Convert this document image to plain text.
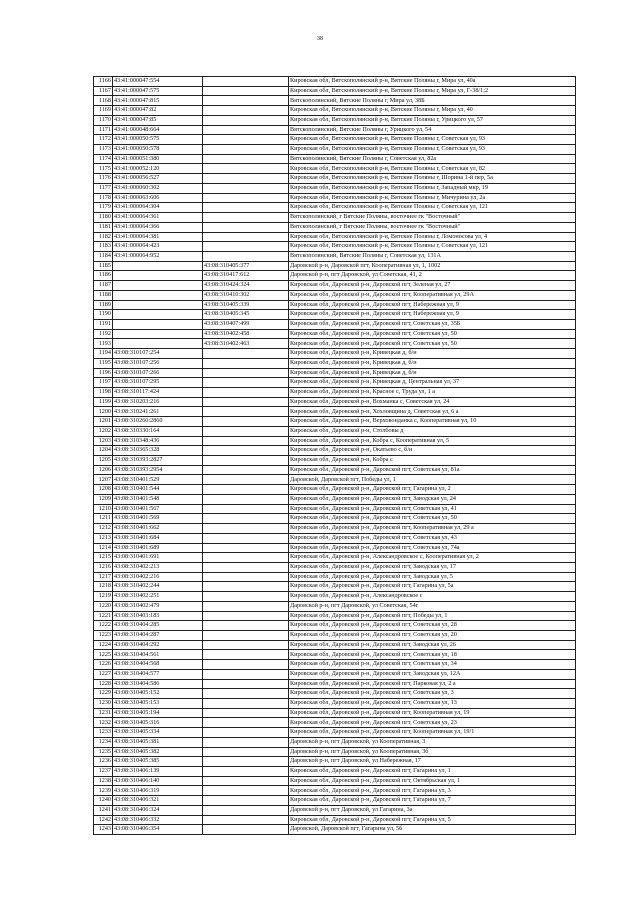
38
1166	43:41:000047:554		Кировская обл, Вятскополянский р-н, Вятские Поляны г, Мира ул, 40а
1167	43:41:000047:575		Кировская обл, Вятскополянский р-н, Вятские Поляны г, Мира ул, Г-38/1;2
1168	43:41:000047:815		Вятскополянский, Вятские Поляны г, Мира ул, 38Б
1169	43:41:000047:82		Кировская обл, Вятскополянский р-н, Вятские Поляны г, Мира ул, 40
1170	43:41:000047:85		Кировская обл, Вятскополянский р-н, Вятские Поляны г, Урицкого ул, 57
1171	43:41:000048:664		Вятскополянский, Вятские Поляны г, Урицкого ул, 54
1172	43:41:000050:575		Кировская обл, Вятскополянский р-н, Вятские Поляны г, Советская ул, 93
1173	43:41:000050:578		Кировская обл, Вятскополянский р-н, Вятские Поляны г, Советская ул, 93
1174	43:41:000051:380		Вятскополянский, Вятские Поляны г, Советская ул, 82а
1175	43:41:000052:120		Кировская обл, Вятскополянский р-н, Вятские Поляны г, Советская ул, 82
1176	43:41:000056:527		Кировская обл, Вятскополянский р-н, Вятские Поляны г, Шорина 1-й пер, 5а
1177	43:41:000060:302		Кировская обл, Вятскополянский р-н, Вятские Поляны г, Западный мкр, 19
1178	43:41:000063:606		Кировская обл, Вятскополянский р-н, Вятские Поляны г, Мичурина ул, 2а
1179	43:41:000064:304		Кировская обл, Вятскополянский р-н, Вятские Поляны г, Советская ул, 121
1180	43:41:000064:361		Вятскополянский, г Вятские Поляны, восточнее гк "Восточный"
1181	43:41:000064:366		Вятскополянский, г Вятские Поляны, восточнее гк "Восточный"
1182	43:41:000064:381		Кировская обл, Вятскополянский р-н, Вятские Поляны г, Ломоносова ул, 4
1183	43:41:000064:423		Кировская обл, Вятскополянский р-н, Вятские Поляны г, Советская ул, 121
1184	43:41:000064:952		Вятскополянский, Вятские Поляны г, Советская ул, 131А
1185		43:08:310405:377	Даровской р-н, Даровской пгт, Кооперативная ул, 1, 1002
1186		43:08:310417:612	Даровской р-н, пгт Даровской, ул Советская, 41, 2
1187		43:08:310424:324	Кировская обл, Даровской р-н, Даровской пгт, Зеленая ул, 27
1188		43:08:310410:302	Кировская обл, Даровской р-н, Даровской пгт, Кооперативная ул, 29А
1189		43:08:310405:339	Кировская обл, Даровской р-н, Даровской пгт, Набережная ул, 9
1190		43:08:310405:345	Кировская обл, Даровской р-н, Даровской пгт, Набережная ул, 9
1191		43:08:310407:499	Кировская обл, Даровской р-н, Даровской пгт, Советская ул, 35Б
1192		43:08:310402:458	Кировская обл, Даровской р-н, Даровской пгт, Советская ул, 50
1193		43:08:310402:463	Кировская обл, Даровской р-н, Даровской пгт, Советская ул, 50
1194	43:08:310107:254		Кировская обл, Даровской р-н, Кривецкая д, б/н
1195	43:08:310107:256		Кировская обл, Даровской р-н, Кривецкая д, б/н
1196	43:08:310107:266		Кировская обл, Даровской р-н, Кривецкая д, б/н
1197	43:08:310107:295		Кировская обл, Даровской р-н, Кривецкая д, Центральная ул, 37
1198	43:08:310117:424		Кировская обл, Даровской р-н, Красное с, Труда ул, 1 а
1199	43:08:310203:216		Кировская обл, Даровской р-н, Вохманка с, Советская ул, 24
1200	43:08:310241:261		Кировская обл, Даровской р-н, Хохловщина д, Советская ул, 6 а
1201	43:08:310260:2860		Кировская обл, Даровской р-н, Верховонданка с, Кооперативная ул, 10
1202	43:08:310330:164		Кировская обл, Даровской р-н, Столбовы д
1203	43:08:310348:436		Кировская обл, Даровской р-н, Кобра с, Кооперативная ул, 5
1204	43:08:310365:328		Кировская обл, Даровской р-н, Окатьево с, б/н
1205	43:08:310393:2827		Кировская обл, Даровской р-н, Кобра с
1206	43:08:310393:2954		Кировская обл, Даровской р-н, Даровской пгт, Советская ул, 81а
1207	43:08:310401:529		Даровской, Даровской пгт, Победы ул, 1
1208	43:08:310401:544		Кировская обл, Даровской р-н, Даровской пгт, Гагарина ул, 2
1209	43:08:310401:548		Кировская обл, Даровской р-н, Даровской пгт, Заводская ул, 24
1210	43:08:310401:567		Кировская обл, Даровской р-н, Даровской пгт, Советская ул, 41
1211	43:08:310401:569		Кировская обл, Даровской р-н, Даровской пгт, Советская ул, 50
1212	43:08:310401:662		Кировская обл, Даровской р-н, Даровской пгт, Кооперативная ул, 29 а
1213	43:08:310401:684		Кировская обл, Даровской р-н, Даровской пгт, Советская ул, 43
1214	43:08:310401:689		Кировская обл, Даровской р-н, Даровской пгт, Советская ул, 74а
1215	43:08:310401:691		Кировская обл, Даровской р-н, Александровское с, Кооперативная ул, 2
1216	43:08:310402:213		Кировская обл, Даровской р-н, Даровской пгт, Заводская ул, 17
1217	43:08:310402:216		Кировская обл, Даровской р-н, Даровской пгт, Заводская ул, 5
1218	43:08:310402:244		Кировская обл, Даровской р-н, Даровской пгт, Гагарина ул, 5а
1219	43:08:310402:251		Кировская обл, Даровской р-н, Александровское с
1220	43:08:310402:479		Даровской р-н, пгт Даровской, ул Советская, 54г
1221	43:08:310403:183		Кировская обл, Даровской р-н, Даровской пгт, Победы ул, 1
1222	43:08:310404:285		Кировская обл, Даровской р-н, Даровской пгт, Советская ул, 28
1223	43:08:310404:287		Кировская обл, Даровской р-н, Даровской пгт, Советская ул, 20
1224	43:08:310404:292		Кировская обл, Даровской р-н, Даровской пгт, Заводская ул, 26
1225	43:08:310404:561		Кировская обл, Даровской р-н, Даровской пгт, Советская ул, 18
1226	43:08:310404:568		Кировская обл, Даровской р-н, Даровской пгт, Советская ул, 34
1227	43:08:310404:577		Кировская обл, Даровской р-н, Даровской пгт, Заводская ул, 12А
1228	43:08:310404:586		Кировская обл, Даровской р-н, Даровской пгт, Парковая ул, 2 а
1229	43:08:310405:152		Кировская обл, Даровской р-н, Даровской пгт, Советская ул, 3
1230	43:08:310405:153		Кировская обл, Даровской р-н, Даровской пгт, Советская ул, 13
1231	43:08:310405:194		Кировская обл, Даровской р-н, Даровской пгт, Кооперативная ул, 19
1232	43:08:310405:316		Кировская обл, Даровской р-н, Даровской пгт, Советская ул, 23
1233	43:08:310405:334		Кировская обл, Даровской р-н, Даровской пгт, Кооперативная ул, 19/1
1234	43:08:310405:381		Даровской р-н, пгт Даровской, ул Кооперативная, 3
1235	43:08:310405:382		Даровской р-н, пгт Даровской, ул Кооперативная, 3б
1236	43:08:310405:385		Даровской р-н, пгт Даровской, ул Набережная, 17
1237	43:08:310406:139		Кировская обл, Даровской р-н, Даровской пгт, Гагарина ул, 1
1238	43:08:310406:140		Кировская обл, Даровской р-н, Даровской пгт, Октябрьская ул, 1
1239	43:08:310406:319		Кировская обл, Даровской р-н, Даровской пгт, Гагарина ул, 3
1240	43:08:310406:321		Кировская обл, Даровской р-н, Даровской пгт, Гагарина ул, 7
1241	43:08:310406:324		Даровской р-н, пгт Даровской, ул Гагарина, 3а
1242	43:08:310406:332		Кировская обл, Даровской р-н, Даровской пгт, Гагарина ул, 5
1243	43:08:310406:354		Даровской, Даровской пгт, Гагарина ул, 5б
